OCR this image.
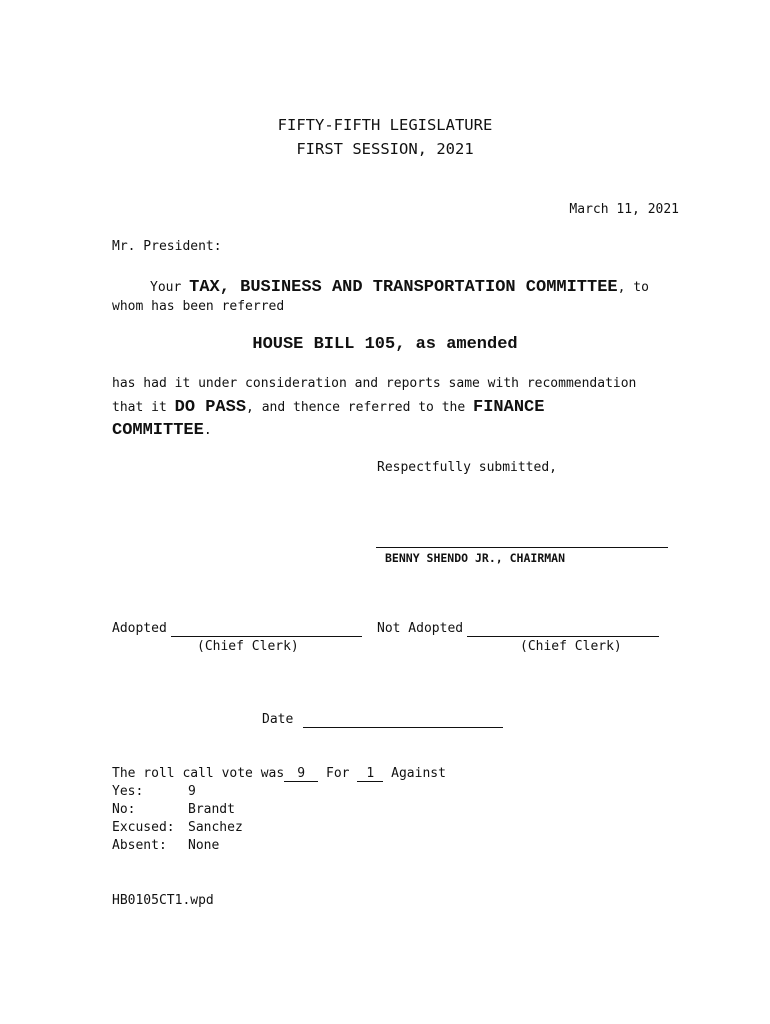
FIFTY-FIFTH LEGISLATURE
FIRST SESSION, 2021
March 11, 2021
Mr. President:
Your TAX, BUSINESS AND TRANSPORTATION COMMITTEE, to
whom has been referred
HOUSE BILL 105, as amended
has had it under consideration and reports same with recommendation
that it DO PASS, and thence referred to the FINANCE
COMMITTEE.
Respectfully submitted,
BENNY SHENDO JR., CHAIRMAN
Adopted
(Chief Clerk)
Not Adopted
(Chief Clerk)
Date
The roll call vote was 9 For 1 Against
Yes:	9
No:	Brandt
Excused: Sanchez
Absent: None
HB0105CT1.wpd
